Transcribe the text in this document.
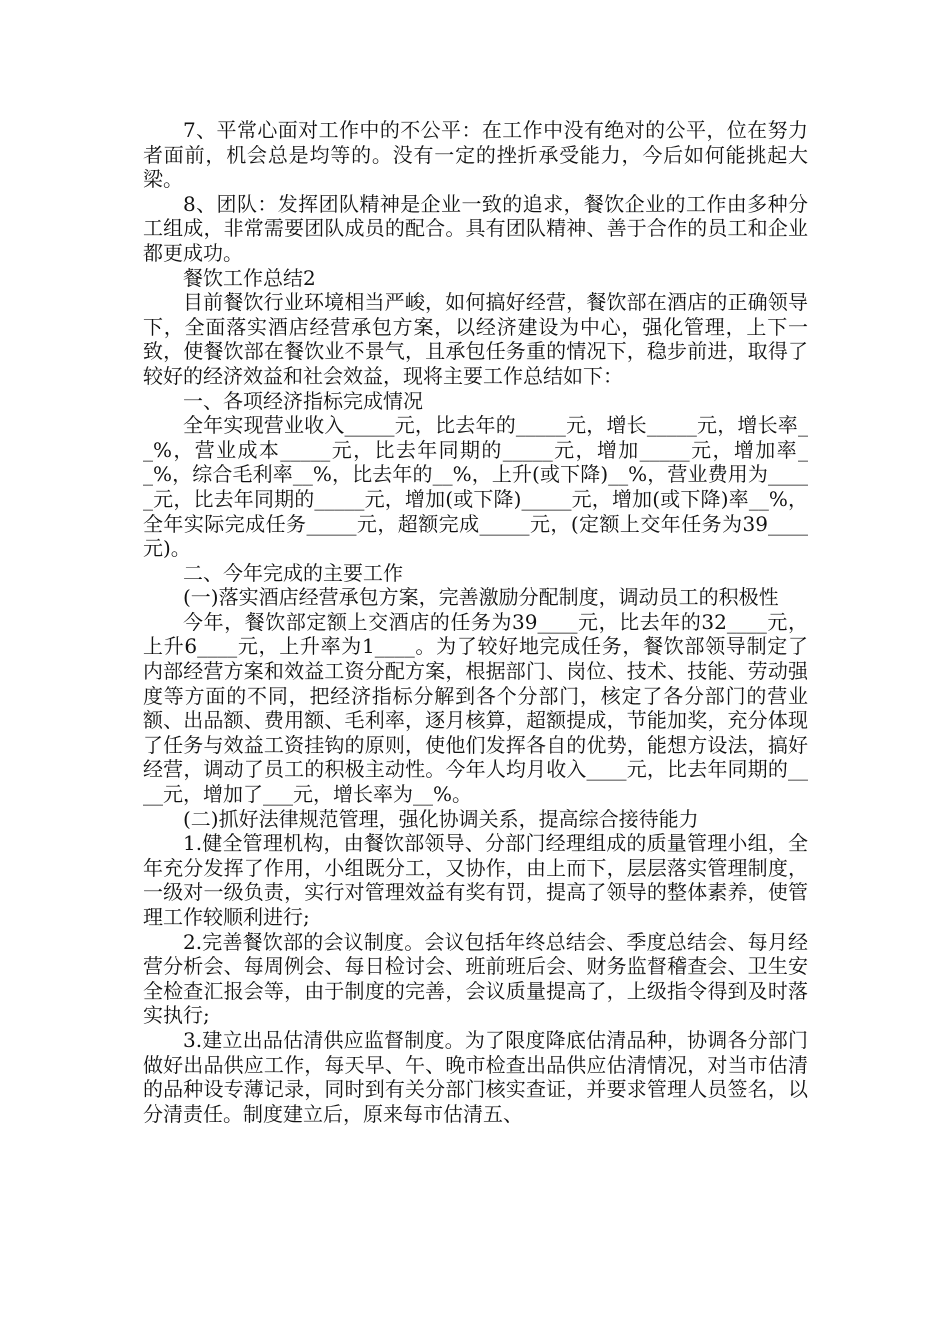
7、平常心面对工作中的不公平：在工作中没有绝对的公平，位在努力者面前，机会总是均等的。没有一定的挫折承受能力，今后如何能挑起大梁。

8、团队：发挥团队精神是企业一致的追求，餐饮企业的工作由多种分工组成，非常需要团队成员的配合。具有团队精神、善于合作的员工和企业都更成功。

餐饮工作总结2

目前餐饮行业环境相当严峻，如何搞好经营，餐饮部在酒店的正确领导下，全面落实酒店经营承包方案，以经济建设为中心，强化管理，上下一致，使餐饮部在餐饮业不景气，且承包任务重的情况下，稳步前进，取得了较好的经济效益和社会效益，现将主要工作总结如下：

一、各项经济指标完成情况

全年实现营业收入_____元，比去年的_____元，增长_____元，增长率__%，营业成本_____元，比去年同期的_____元，增加_____元，增加率__%，综合毛利率__%，比去年的__%，上升(或下降)__%，营业费用为_____元，比去年同期的_____元，增加(或下降)_____元，增加(或下降)率__%，全年实际完成任务_____元，超额完成_____元，(定额上交年任务为39____元)。

二、今年完成的主要工作

(一)落实酒店经营承包方案，完善激励分配制度，调动员工的积极性

今年，餐饮部定额上交酒店的任务为39____元，比去年的32____元，上升6____元，上升率为1____。为了较好地完成任务，餐饮部领导制定了内部经营方案和效益工资分配方案，根据部门、岗位、技术、技能、劳动强度等方面的不同，把经济指标分解到各个分部门，核定了各分部门的营业额、出品额、费用额、毛利率，逐月核算，超额提成，节能加奖，充分体现了任务与效益工资挂钩的原则，使他们发挥各自的优势，能想方设法，搞好经营，调动了员工的积极主动性。今年人均月收入____元，比去年同期的____元，增加了___元，增长率为__%。

(二)抓好法律规范管理，强化协调关系，提高综合接待能力

1.健全管理机构，由餐饮部领导、分部门经理组成的质量管理小组，全年充分发挥了作用，小组既分工，又协作，由上而下，层层落实管理制度，一级对一级负责，实行对管理效益有奖有罚，提高了领导的整体素养，使管理工作较顺利进行;

2.完善餐饮部的会议制度。会议包括年终总结会、季度总结会、每月经营分析会、每周例会、每日检讨会、班前班后会、财务监督稽查会、卫生安全检查汇报会等，由于制度的完善，会议质量提高了，上级指令得到及时落实执行;

3.建立出品估清供应监督制度。为了限度降底估清品种，协调各分部门做好出品供应工作，每天早、午、晚市检查出品供应估清情况，对当市估清的品种设专薄记录，同时到有关分部门核实查证，并要求管理人员签名，以分清责任。制度建立后，原来每市估清五、
